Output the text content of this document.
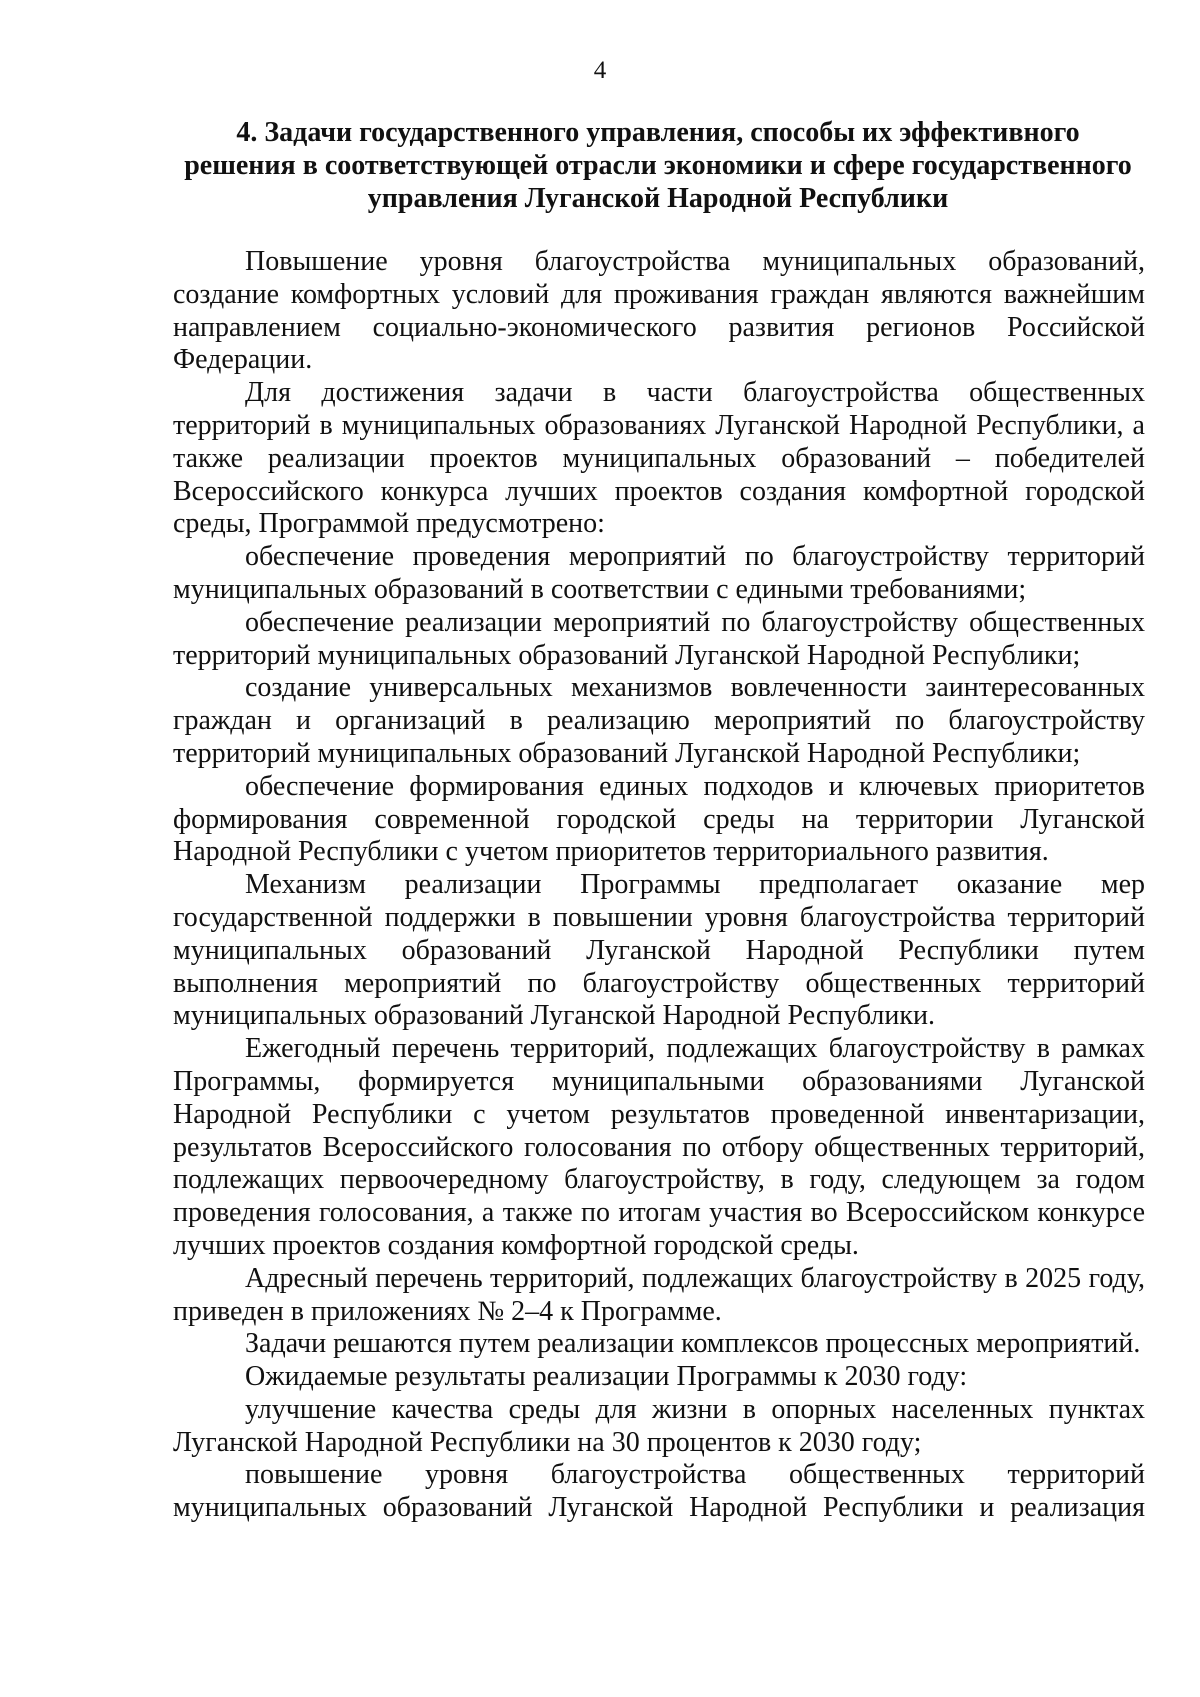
4
4. Задачи государственного управления, способы их эффективного
решения в соответствующей отрасли экономики и сфере государственного
управления Луганской Народной Республики

Повышение уровня благоустройства муниципальных образований, создание комфортных условий для проживания граждан являются важнейшим направлением социально-экономического развития регионов Российской Федерации.

Для достижения задачи в части благоустройства общественных территорий в муниципальных образованиях Луганской Народной Республики, а также реализации проектов муниципальных образований – победителей Всероссийского конкурса лучших проектов создания комфортной городской среды, Программой предусмотрено:

обеспечение проведения мероприятий по благоустройству территорий муниципальных образований в соответствии с едиными требованиями;

обеспечение реализации мероприятий по благоустройству общественных территорий муниципальных образований Луганской Народной Республики;

создание универсальных механизмов вовлеченности заинтересованных граждан и организаций в реализацию мероприятий по благоустройству территорий муниципальных образований Луганской Народной Республики;

обеспечение формирования единых подходов и ключевых приоритетов формирования современной городской среды на территории Луганской Народной Республики с учетом приоритетов территориального развития.

Механизм реализации Программы предполагает оказание мер государственной поддержки в повышении уровня благоустройства территорий муниципальных образований Луганской Народной Республики путем выполнения мероприятий по благоустройству общественных территорий муниципальных образований Луганской Народной Республики.

Ежегодный перечень территорий, подлежащих благоустройству в рамках Программы, формируется муниципальными образованиями Луганской Народной Республики с учетом результатов проведенной инвентаризации, результатов Всероссийского голосования по отбору общественных территорий, подлежащих первоочередному благоустройству, в году, следующем за годом проведения голосования, а также по итогам участия во Всероссийском конкурсе лучших проектов создания комфортной городской среды.

Адресный перечень территорий, подлежащих благоустройству в 2025 году, приведен в приложениях № 2–4 к Программе.

Задачи решаются путем реализации комплексов процессных мероприятий.

Ожидаемые результаты реализации Программы к 2030 году:

улучшение качества среды для жизни в опорных населенных пунктах Луганской Народной Республики на 30 процентов к 2030 году;

повышение уровня благоустройства общественных территорий муниципальных образований Луганской Народной Республики и реализация
